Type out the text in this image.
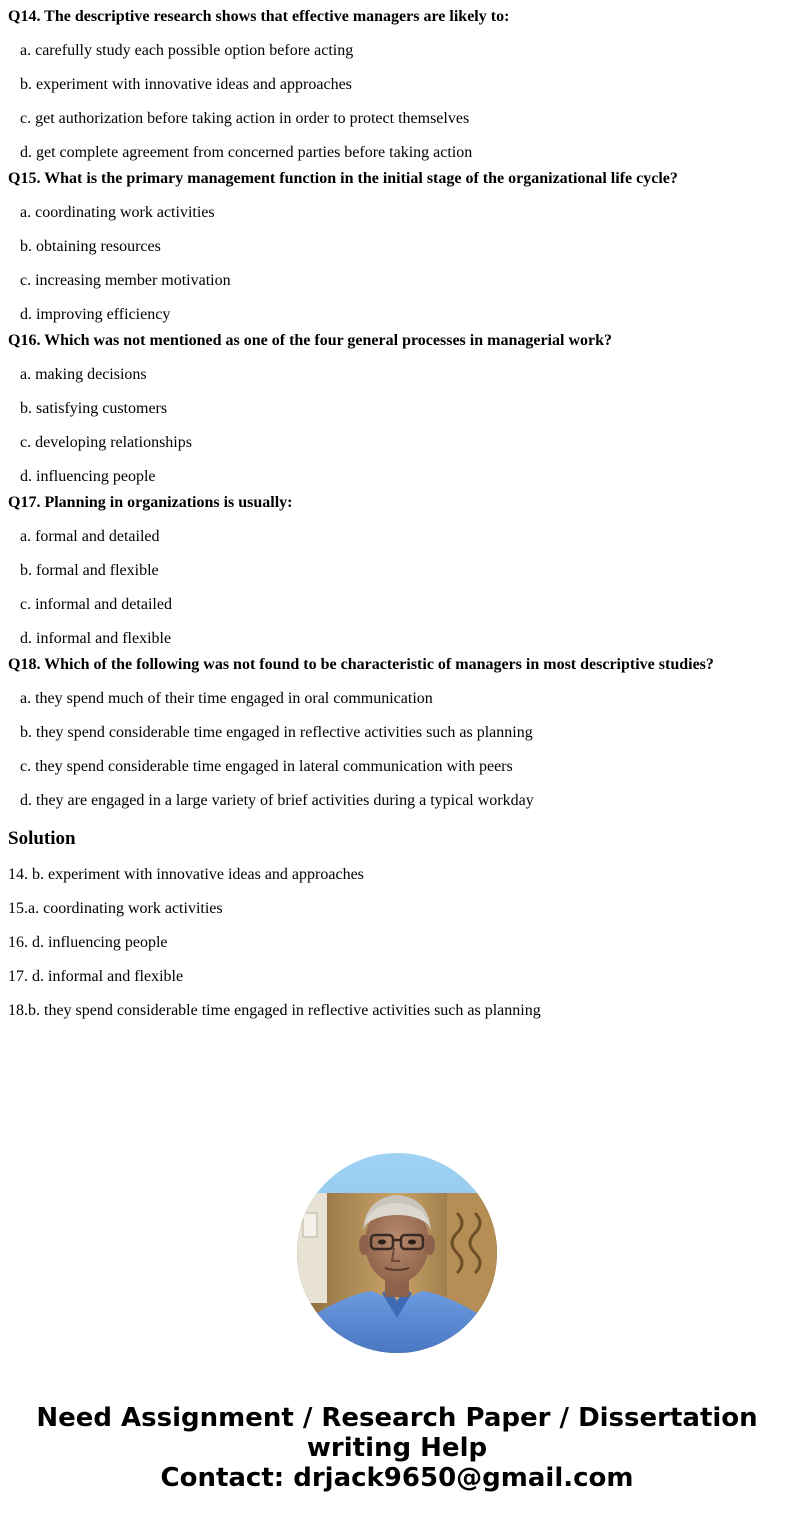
Q14. The descriptive research shows that effective managers are likely to:
a. carefully study each possible option before acting
b. experiment with innovative ideas and approaches
c. get authorization before taking action in order to protect themselves
d. get complete agreement from concerned parties before taking action
Q15. What is the primary management function in the initial stage of the organizational life cycle?
a. coordinating work activities
b. obtaining resources
c. increasing member motivation
d. improving efficiency
Q16. Which was not mentioned as one of the four general processes in managerial work?
a. making decisions
b. satisfying customers
c. developing relationships
d. influencing people
Q17. Planning in organizations is usually:
a. formal and detailed
b. formal and flexible
c. informal and detailed
d. informal and flexible
Q18. Which of the following was not found to be characteristic of managers in most descriptive studies?
a. they spend much of their time engaged in oral communication
b. they spend considerable time engaged in reflective activities such as planning
c. they spend considerable time engaged in lateral communication with peers
d. they are engaged in a large variety of brief activities during a typical workday
Solution
14. b. experiment with innovative ideas and approaches
15.a. coordinating work activities
16. d. influencing people
17. d. informal and flexible
18.b. they spend considerable time engaged in reflective activities such as planning
Need Assignment / Research Paper / Dissertation
writing Help
Contact: drjack9650@gmail.com
